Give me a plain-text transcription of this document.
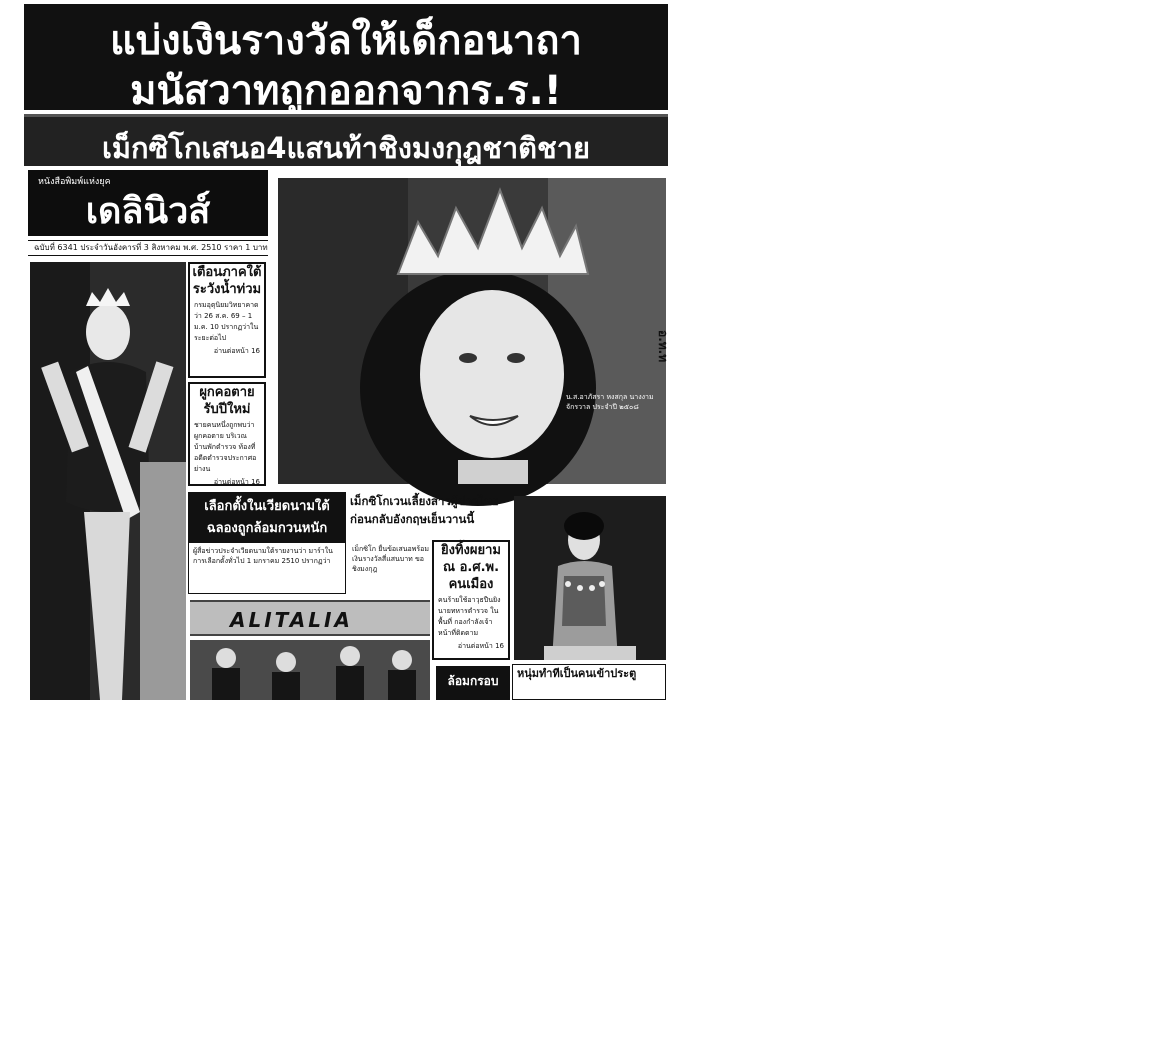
แบ่งเงินรางวัลให้เด็กอนาถา
มนัสวาทถูกออกจากร.ร.!
เม็กซิโกเสนอ4แสนท้าชิงมงกุฎชาติชาย
หนังสือพิมพ์แห่งยุค
เดลินิวส์
ฉบับที่ 6341 ประจำวันอังคารที่ 3 สิงหาคม พ.ศ. 2510 ราคา 1 บาท
มิส..ไทย
เตือนภาคใต้ ระวังน้ำท่วม
กรมอุตุนิยมวิทยาคาดว่า 26 ส.ค. 69 – 1 ม.ค. 10 ปรากฏว่าในระยะต่อไป
อ่านต่อหน้า 16
ผูกคอตาย รับปีใหม่
ชายคนหนึ่งถูกพบว่าผูกคอตาย บริเวณบ้านพักตำรวจ ท้องที่ อดีตตำรวจประกาศอย่างน
อ่านต่อหน้า 16
น.ส.อาภัสรา หงสกุล นางงามจักรวาล ประจำปี ๒๕๐๘
อ.ท.ท
เลือกตั้งในเวียดนามใต้ ฉลองถูกล้อมกวนหนัก
ผู้สื่อข่าวประจำเวียดนามใต้รายงานว่า มาร์าในการเลือกตั้งทั่วไป 1 มกราคม 2510 ปรากฏว่า
เม็กซิโกเวนเลี้ยงสาวผู้ข่าวไทย
ก่อนกลับอังกฤษเย็นวานนี้
เม็กซิโก ยื่นข้อเสนอพร้อมเงินรางวัลสี่แสนบาท ขอชิงมงกุฎ
ยิงทิ้งผยาม ณ อ.ศ.พ. คนเมือง
คนร้ายใช้อาวุธปืนยิงนายทหารตำรวจ ในพื้นที่ กองกำลังเจ้าหน้าที่ติดตาม
อ่านต่อหน้า 16
นางงามสาวไทยผู้ได้รับมงกุฎ อยู่ในต่างประเทศ
ALITALIA
ล้อมกรอบ
หนุ่มทำทีเป็นคนเข้าประตู
